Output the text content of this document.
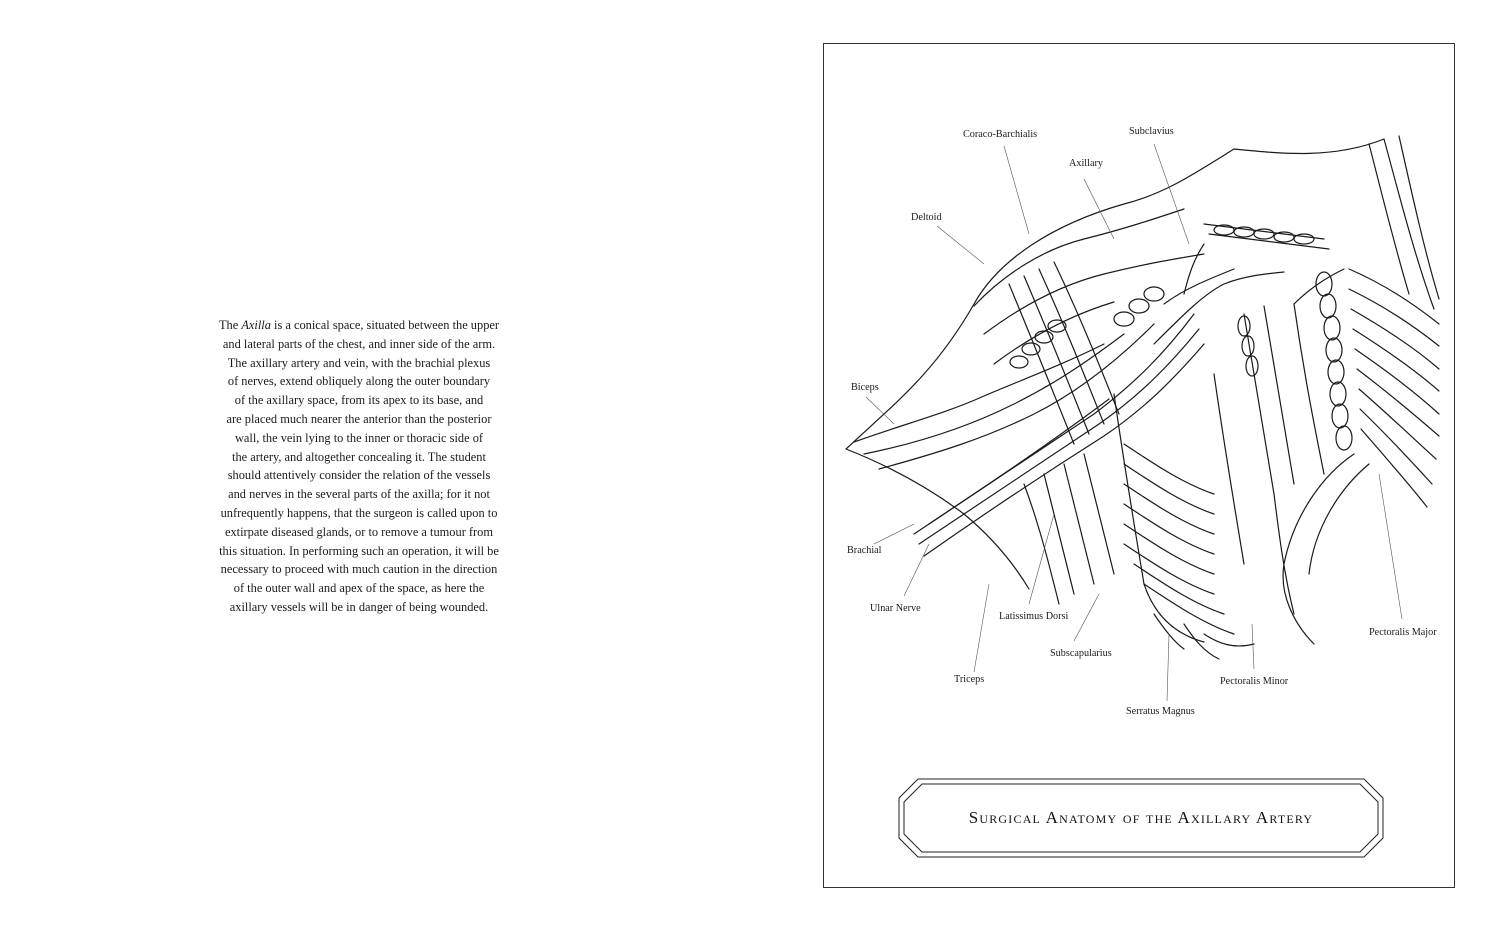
The Axilla is a conical space, situated between the upper
and lateral parts of the chest, and inner side of the arm.
The axillary artery and vein, with the brachial plexus
of nerves, extend obliquely along the outer boundary
of the axillary space, from its apex to its base, and
are placed much nearer the anterior than the posterior
wall, the vein lying to the inner or thoracic side of
the artery, and altogether concealing it. The student
should attentively consider the relation of the vessels
and nerves in the several parts of the axilla; for it not
unfrequently happens, that the surgeon is called upon to
extirpate diseased glands, or to remove a tumour from
this situation. In performing such an operation, it will be
necessary to proceed with much caution in the direction
of the outer wall and apex of the space, as here the
axillary vessels will be in danger of being wounded.
Coraco-Barchialis	Subclavius
Axillary
Deltoid
Biceps
Brachial
Ulnar Nerve
Latissimus Dorsi
Subscapularius
Triceps	Pectoralis Minor
Serratus Magnus
Pectoralis Major
Surgical Anatomy of the Axillary Artery
